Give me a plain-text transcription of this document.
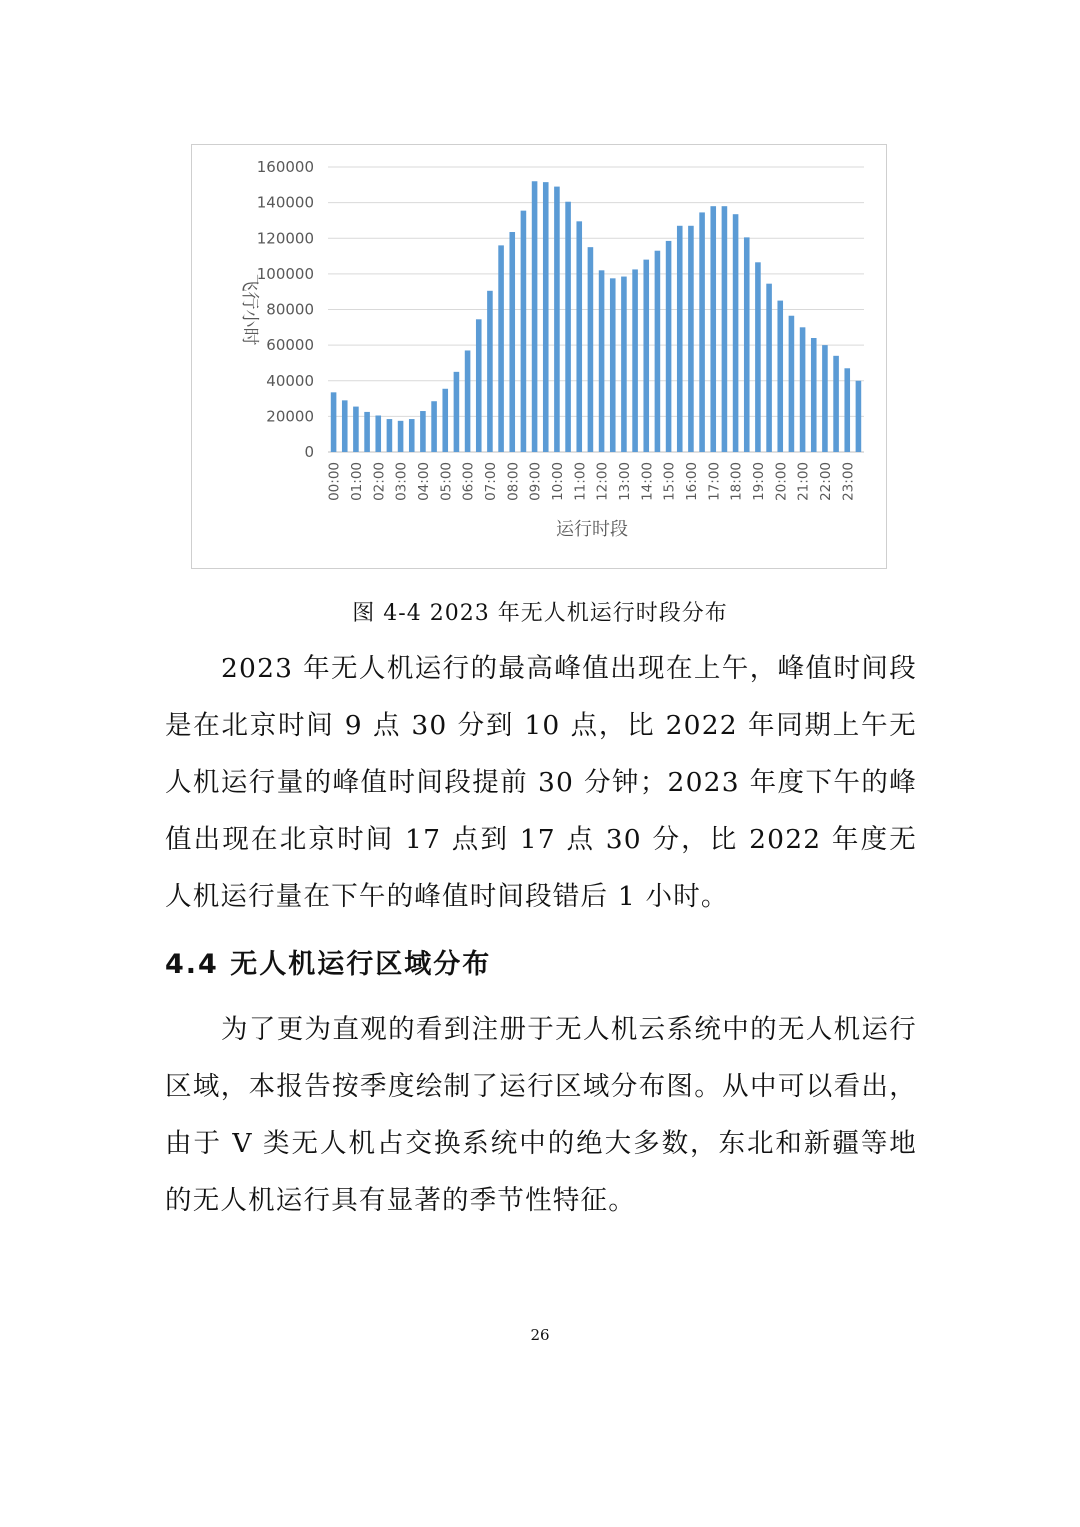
0
20000
40000
60000
80000
100000
120000
140000
160000
00:00 01:00 02:00 03:00 04:00 05:00 06:00 07:00 08:00 09:00 10:00 11:00 12:00 13:00 14:00 15:00 16:00 17:00 18:00 19:00 20:00 21:00 22:00 23:00
飞行小时
运行时段
图 4-4 2023 年无人机运行时段分布

2023 年无人机运行的最高峰值出现在上午，峰值时间段是在北京时间 9 点 30 分到 10 点，比 2022 年同期上午无人机运行量的峰值时间段提前 30 分钟；2023 年度下午的峰值出现在北京时间 17 点到 17 点 30 分，比 2022 年度无人机运行量在下午的峰值时间段错后 1 小时。

4.4 无人机运行区域分布

为了更为直观的看到注册于无人机云系统中的无人机运行区域，本报告按季度绘制了运行区域分布图。从中可以看出，由于 V 类无人机占交换系统中的绝大多数，东北和新疆等地的无人机运行具有显著的季节性特征。

26
